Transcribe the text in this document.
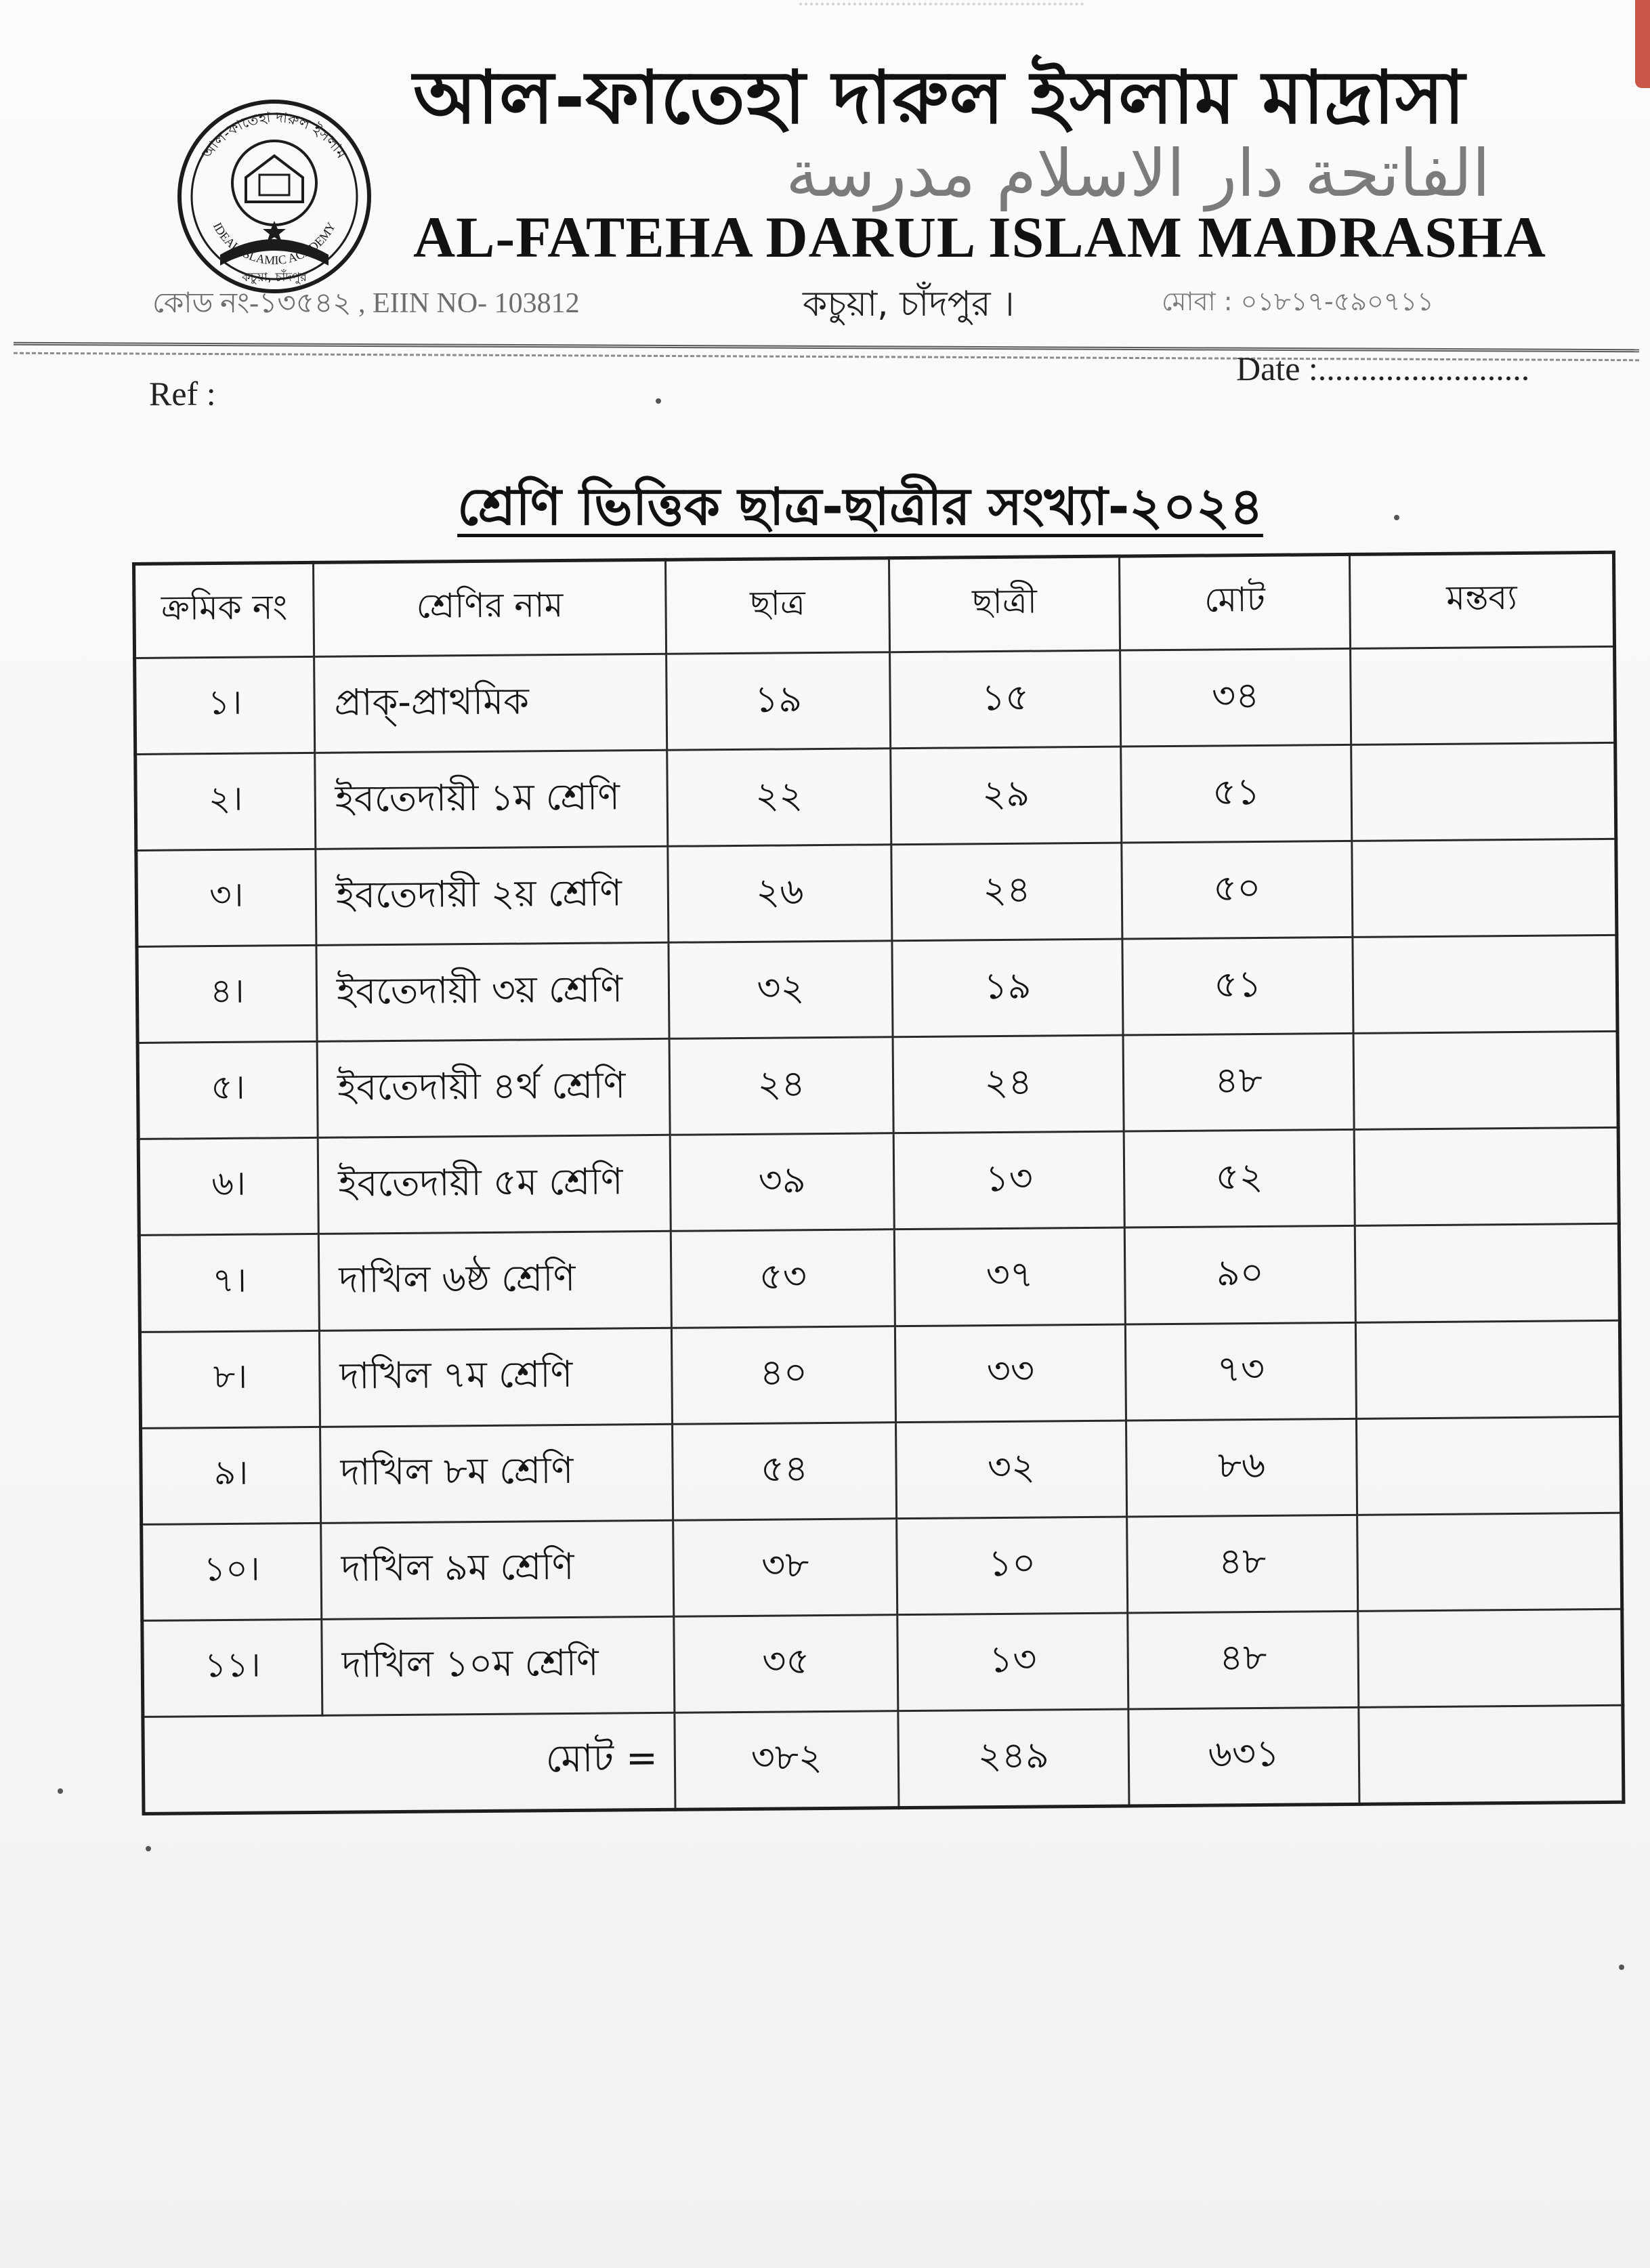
আল-ফাতেহা দারুল ইসলাম
IDEAL ISLAMIC ACADEMY
কচুয়া, চাঁদপুর
আল-ফাতেহা দারুল ইসলাম মাদ্রাসা
الفاتحة دار الاسلام مدرسة
AL-FATEHA DARUL ISLAM MADRASHA
কোড নং-১৩৫৪২ , EIIN NO- 103812	কচুয়া, চাঁদপুর ।	মোবা : ০১৮১৭-৫৯০৭১১
Ref :
Date :.........................
শ্রেণি ভিত্তিক ছাত্র-ছাত্রীর সংখ্যা-২০২৪
ক্রমিক নং	শ্রেণির নাম	ছাত্র	ছাত্রী	মোট	মন্তব্য
১।	প্রাক্-প্রাথমিক	১৯	১৫	৩৪	
২।	ইবতেদায়ী ১ম শ্রেণি	২২	২৯	৫১	
৩।	ইবতেদায়ী ২য় শ্রেণি	২৬	২৪	৫০	
৪।	ইবতেদায়ী ৩য় শ্রেণি	৩২	১৯	৫১	
৫।	ইবতেদায়ী ৪র্থ শ্রেণি	২৪	২৪	৪৮	
৬।	ইবতেদায়ী ৫ম শ্রেণি	৩৯	১৩	৫২	
৭।	দাখিল ৬ষ্ঠ শ্রেণি	৫৩	৩৭	৯০	
৮।	দাখিল ৭ম শ্রেণি	৪০	৩৩	৭৩	
৯।	দাখিল ৮ম শ্রেণি	৫৪	৩২	৮৬	
১০।	দাখিল ৯ম শ্রেণি	৩৮	১০	৪৮	
১১।	দাখিল ১০ম শ্রেণি	৩৫	১৩	৪৮	
মোট =		৩৮২	২৪৯	৬৩১	
